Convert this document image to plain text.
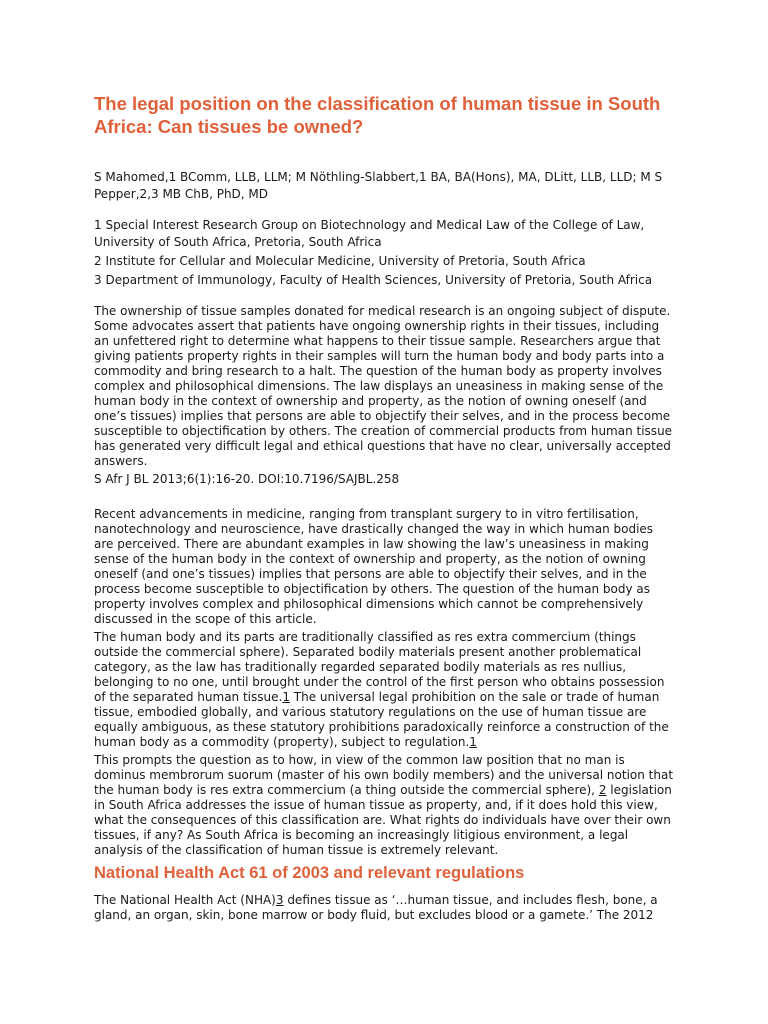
The legal position on the classification of human tissue in South Africa: Can tissues be owned?
S Mahomed,1 BComm, LLB, LLM; M Nöthling-Slabbert,1 BA, BA(Hons), MA, DLitt, LLB, LLD; M S Pepper,2,3 MB ChB, PhD, MD

1 Special Interest Research Group on Biotechnology and Medical Law of the College of Law, University of South Africa, Pretoria, South Africa

2 Institute for Cellular and Molecular Medicine, University of Pretoria, South Africa

3 Department of Immunology, Faculty of Health Sciences, University of Pretoria, South Africa

The ownership of tissue samples donated for medical research is an ongoing subject of dispute. Some advocates assert that patients have ongoing ownership rights in their tissues, including an unfettered right to determine what happens to their tissue sample. Researchers argue that giving patients property rights in their samples will turn the human body and body parts into a commodity and bring research to a halt. The question of the human body as property involves complex and philosophical dimensions. The law displays an uneasiness in making sense of the human body in the context of ownership and property, as the notion of owning oneself (and one’s tissues) implies that persons are able to objectify their selves, and in the process become susceptible to objectification by others. The creation of commercial products from human tissue has generated very difficult legal and ethical questions that have no clear, universally accepted answers.

S Afr J BL 2013;6(1):16-20. DOI:10.7196/SAJBL.258

Recent advancements in medicine, ranging from transplant surgery to in vitro fertilisation, nanotechnology and neuroscience, have drastically changed the way in which human bodies are perceived. There are abundant examples in law showing the law’s uneasiness in making sense of the human body in the context of ownership and property, as the notion of owning oneself (and one’s tissues) implies that persons are able to objectify their selves, and in the process become susceptible to objectification by others. The question of the human body as property involves complex and philosophical dimensions which cannot be comprehensively discussed in the scope of this article.

The human body and its parts are traditionally classified as res extra commercium (things outside the commercial sphere). Separated bodily materials present another problematical category, as the law has traditionally regarded separated bodily materials as res nullius, belonging to no one, until brought under the control of the first person who obtains possession of the separated human tissue.1 The universal legal prohibition on the sale or trade of human tissue, embodied globally, and various statutory regulations on the use of human tissue are equally ambiguous, as these statutory prohibitions paradoxically reinforce a construction of the human body as a commodity (property), subject to regulation.1

This prompts the question as to how, in view of the common law position that no man is dominus membrorum suorum (master of his own bodily members) and the universal notion that the human body is res extra commercium (a thing outside the commercial sphere), 2 legislation in South Africa addresses the issue of human tissue as property, and, if it does hold this view, what the consequences of this classification are. What rights do individuals have over their own tissues, if any? As South Africa is becoming an increasingly litigious environment, a legal analysis of the classification of human tissue is extremely relevant.

National Health Act 61 of 2003 and relevant regulations

The National Health Act (NHA)3 defines tissue as ‘…human tissue, and includes flesh, bone, a gland, an organ, skin, bone marrow or body fluid, but excludes blood or a gamete.’ The 2012
